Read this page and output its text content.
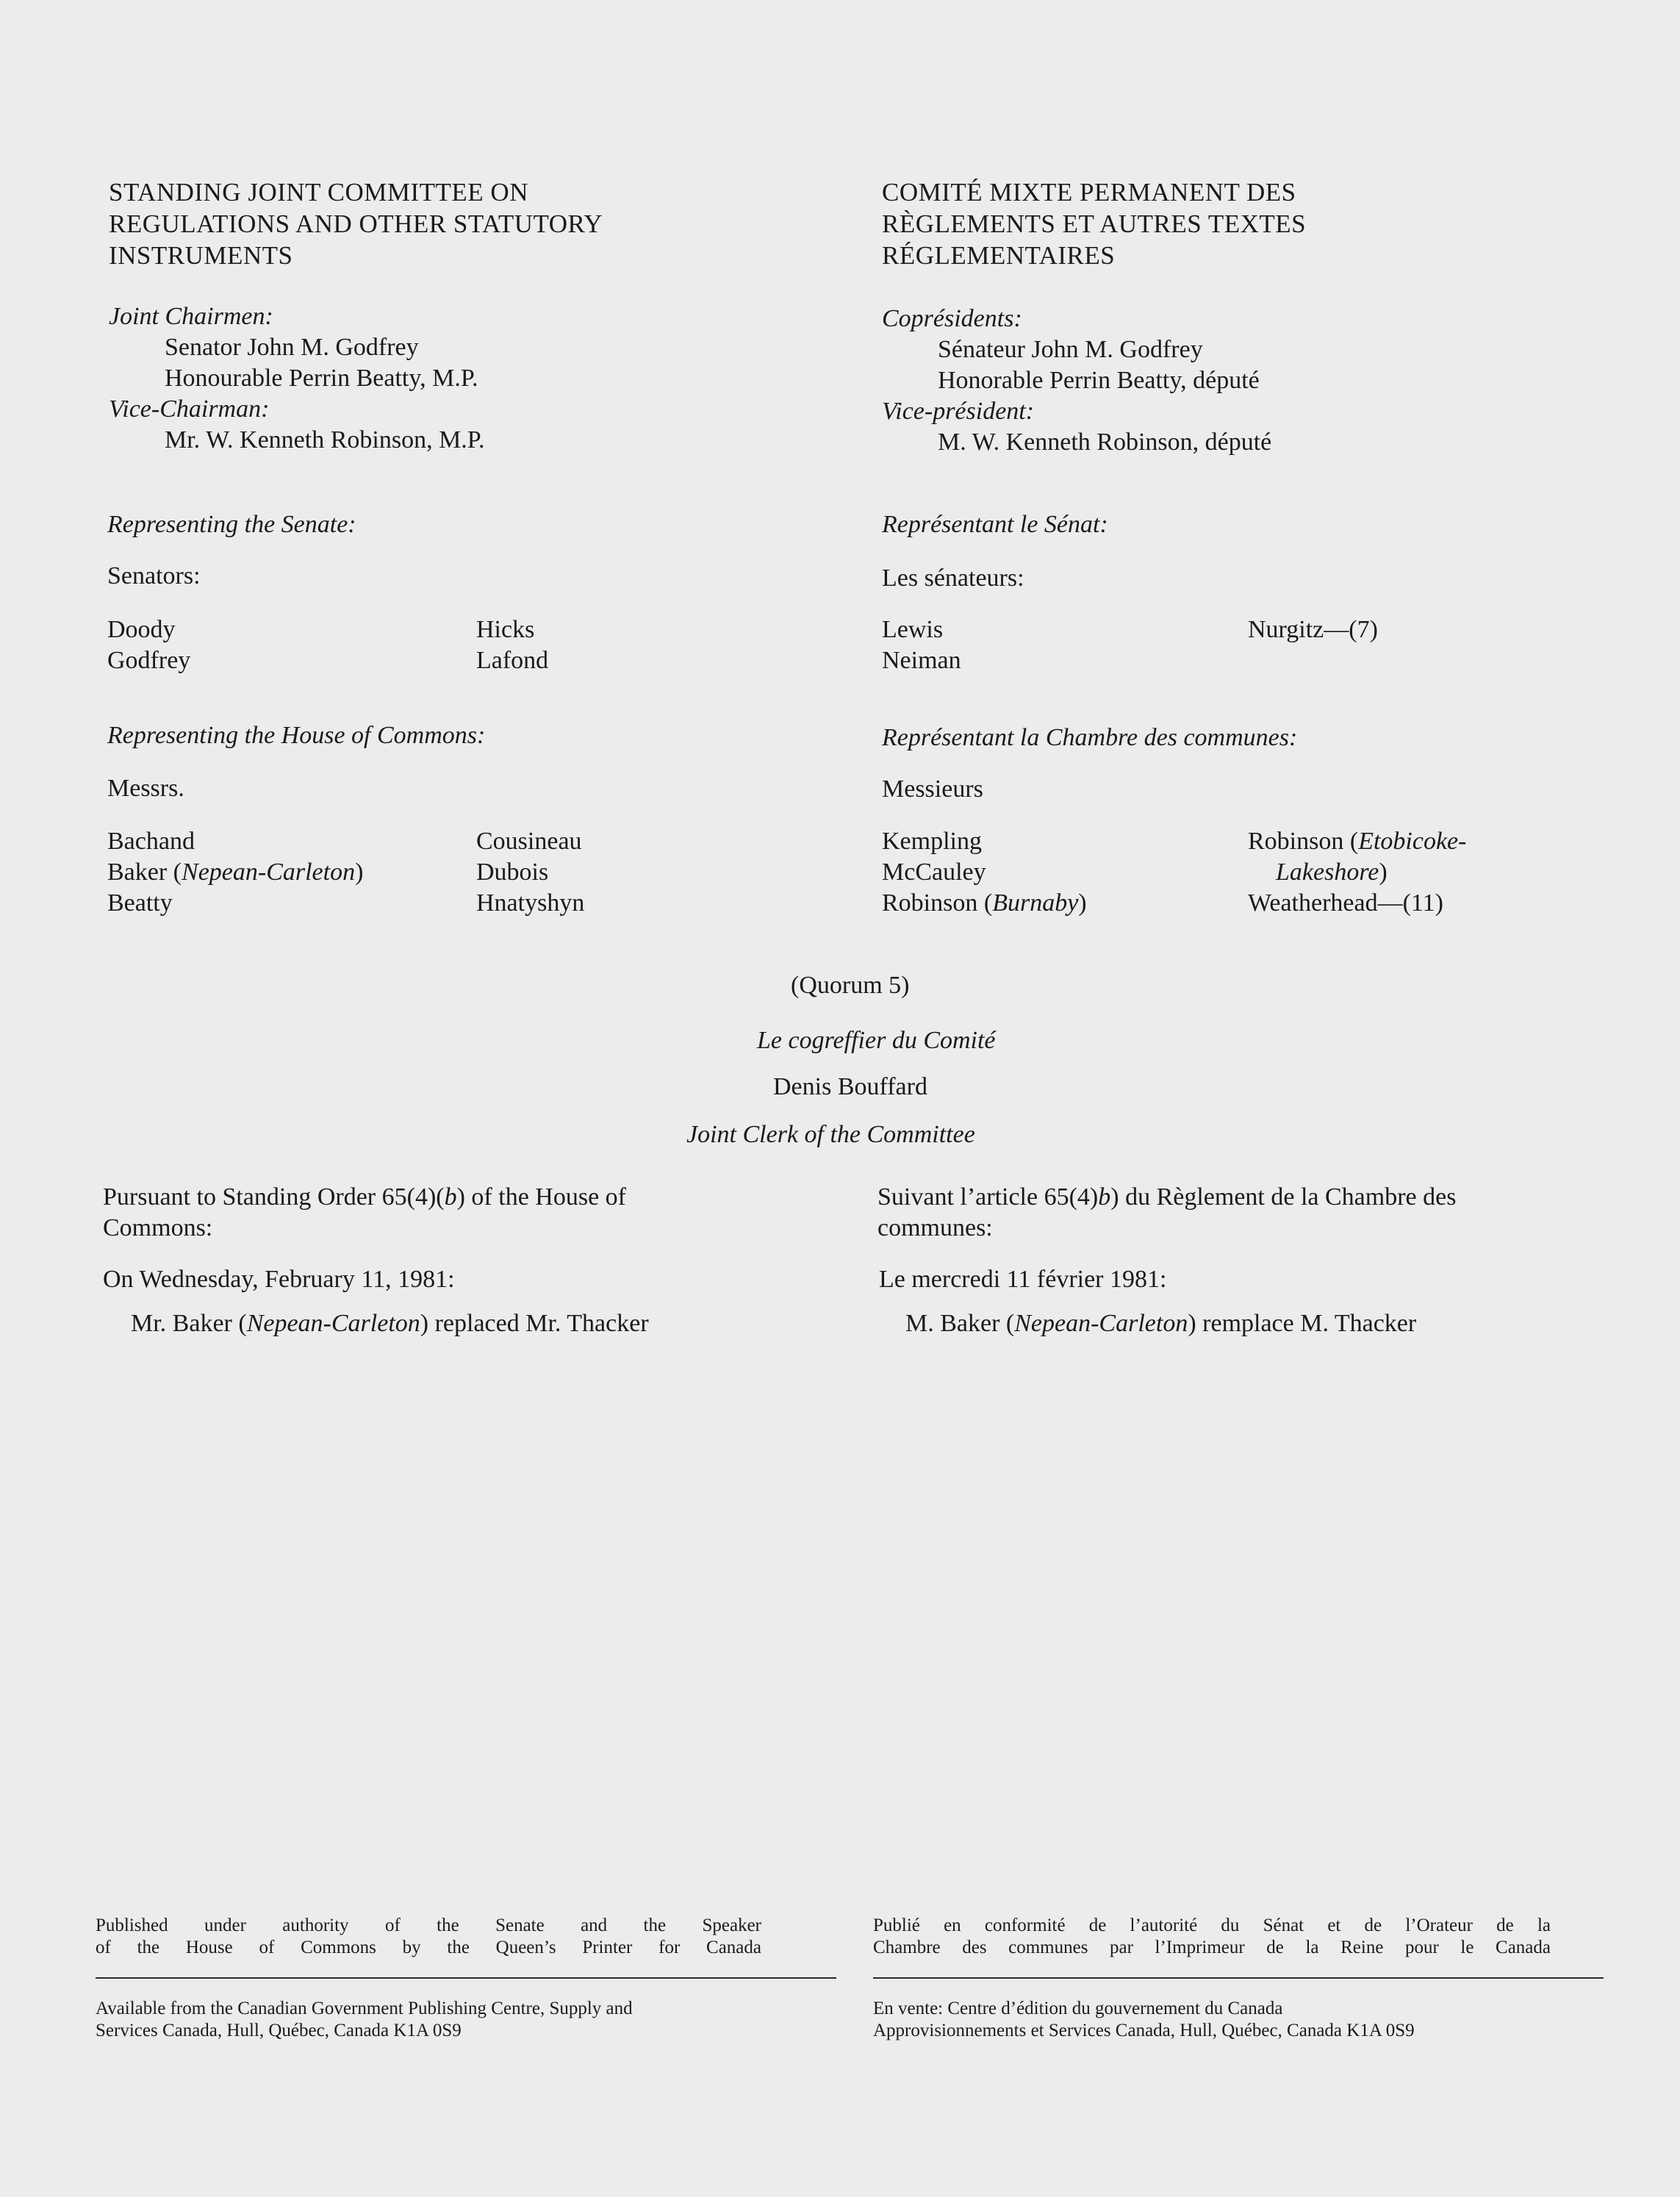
STANDING JOINT COMMITTEE ON
REGULATIONS AND OTHER STATUTORY
INSTRUMENTS
Joint Chairmen:
Senator John M. Godfrey
Honourable Perrin Beatty, M.P.
Vice-Chairman:
Mr. W. Kenneth Robinson, M.P.
Representing the Senate:
Senators:
Doody
Godfrey
Hicks
Lafond
Representing the House of Commons:
Messrs.
Bachand
Baker (Nepean-Carleton)
Beatty
Cousineau
Dubois
Hnatyshyn
COMITÉ MIXTE PERMANENT DES
RÈGLEMENTS ET AUTRES TEXTES
RÉGLEMENTAIRES
Coprésidents:
Sénateur John M. Godfrey
Honorable Perrin Beatty, député
Vice-président:
M. W. Kenneth Robinson, député
Représentant le Sénat:
Les sénateurs:
Lewis
Neiman
Nurgitz—(7)
Représentant la Chambre des communes:
Messieurs
Kempling
McCauley
Robinson (Burnaby)
Robinson (Etobicoke-
Lakeshore)
Weatherhead—(11)
(Quorum 5)
Le cogreffier du Comité
Denis Bouffard
Joint Clerk of the Committee
Pursuant to Standing Order 65(4)(b) of the House of
Commons:
On Wednesday, February 11, 1981:
Mr. Baker (Nepean-Carleton) replaced Mr. Thacker
Suivant l’article 65(4)b) du Règlement de la Chambre des
communes:
Le mercredi 11 février 1981:
M. Baker (Nepean-Carleton) remplace M. Thacker
Published under authority of the Senate and the Speaker
of the House of Commons by the Queen’s Printer for Canada
Publié en conformité de l’autorité du Sénat et de l’Orateur de la
Chambre des communes par l’Imprimeur de la Reine pour le Canada
Available from the Canadian Government Publishing Centre, Supply and
Services Canada, Hull, Québec, Canada K1A 0S9
En vente: Centre d’édition du gouvernement du Canada
Approvisionnements et Services Canada, Hull, Québec, Canada K1A 0S9
